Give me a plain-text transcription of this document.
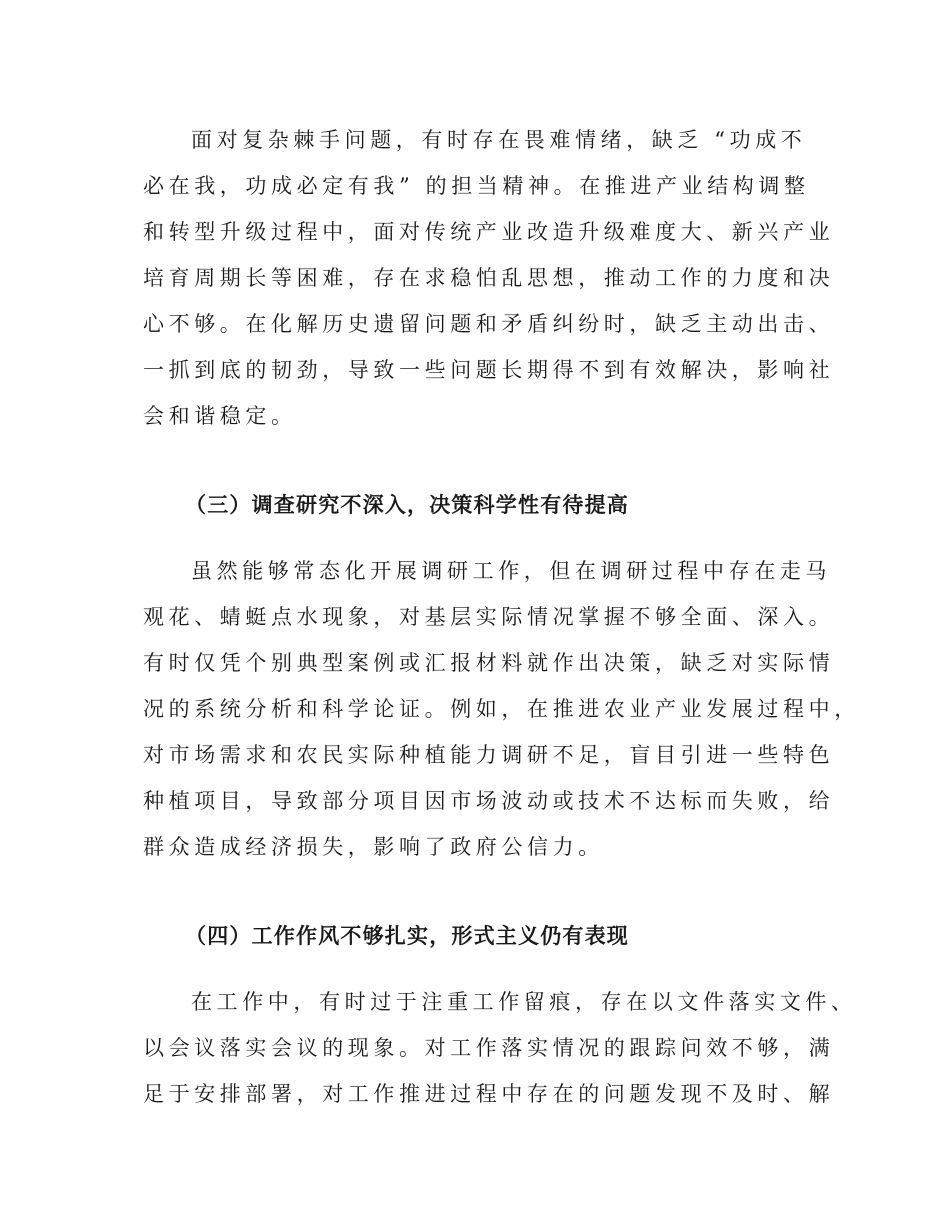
面对复杂棘手问题，有时存在畏难情绪，缺乏 “功成不
必在我，功成必定有我” 的担当精神。在推进产业结构调整
和转型升级过程中，面对传统产业改造升级难度大、新兴产业
培育周期长等困难，存在求稳怕乱思想，推动工作的力度和决
心不够。在化解历史遗留问题和矛盾纠纷时，缺乏主动出击、
一抓到底的韧劲，导致一些问题长期得不到有效解决，影响社
会和谐稳定。
（三）调查研究不深入，决策科学性有待提高
虽然能够常态化开展调研工作，但在调研过程中存在走马
观花、蜻蜓点水现象，对基层实际情况掌握不够全面、深入。
有时仅凭个别典型案例或汇报材料就作出决策，缺乏对实际情
况的系统分析和科学论证。例如，在推进农业产业发展过程中，
对市场需求和农民实际种植能力调研不足，盲目引进一些特色
种植项目，导致部分项目因市场波动或技术不达标而失败，给
群众造成经济损失，影响了政府公信力。
（四）工作作风不够扎实，形式主义仍有表现
在工作中，有时过于注重工作留痕，存在以文件落实文件、
以会议落实会议的现象。对工作落实情况的跟踪问效不够，满
足于安排部署，对工作推进过程中存在的问题发现不及时、解
